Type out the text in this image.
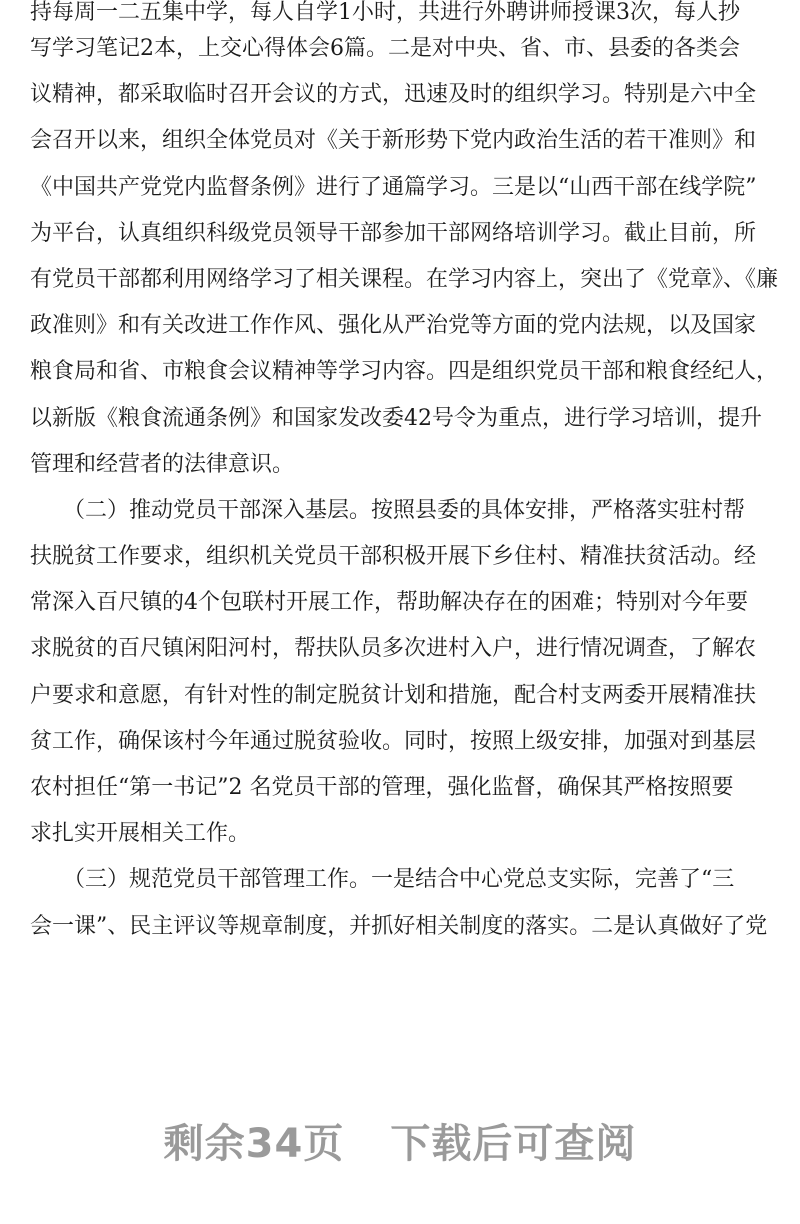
持每周一二五集中学，每人自学1小时，共进行外聘讲师授课3次，每人抄
写学习笔记2本，上交心得体会6篇。二是对中央、省、市、县委的各类会
议精神，都采取临时召开会议的方式，迅速及时的组织学习。特别是六中全
会召开以来，组织全体党员对《关于新形势下党内政治生活的若干准则》和
《中国共产党党内监督条例》进行了通篇学习。三是以“山西干部在线学院”
为平台，认真组织科级党员领导干部参加干部网络培训学习。截止目前，所
有党员干部都利用网络学习了相关课程。在学习内容上，突出了《党章》、《廉
政准则》和有关改进工作作风、强化从严治党等方面的党内法规，以及国家
粮食局和省、市粮食会议精神等学习内容。四是组织党员干部和粮食经纪人，
以新版《粮食流通条例》和国家发改委42号令为重点，进行学习培训，提升
管理和经营者的法律意识。
　　（二）推动党员干部深入基层。按照县委的具体安排，严格落实驻村帮
扶脱贫工作要求，组织机关党员干部积极开展下乡住村、精准扶贫活动。经
常深入百尺镇的4个包联村开展工作，帮助解决存在的困难；特别对今年要
求脱贫的百尺镇闲阳河村，帮扶队员多次进村入户，进行情况调查，了解农
户要求和意愿，有针对性的制定脱贫计划和措施，配合村支两委开展精准扶
贫工作，确保该村今年通过脱贫验收。同时，按照上级安排，加强对到基层
农村担任“第一书记”2 名党员干部的管理，强化监督，确保其严格按照要
求扎实开展相关工作。
　　（三）规范党员干部管理工作。一是结合中心党总支实际，完善了“三
会一课”、民主评议等规章制度，并抓好相关制度的落实。二是认真做好了党
剩余34页 下载后可查阅
